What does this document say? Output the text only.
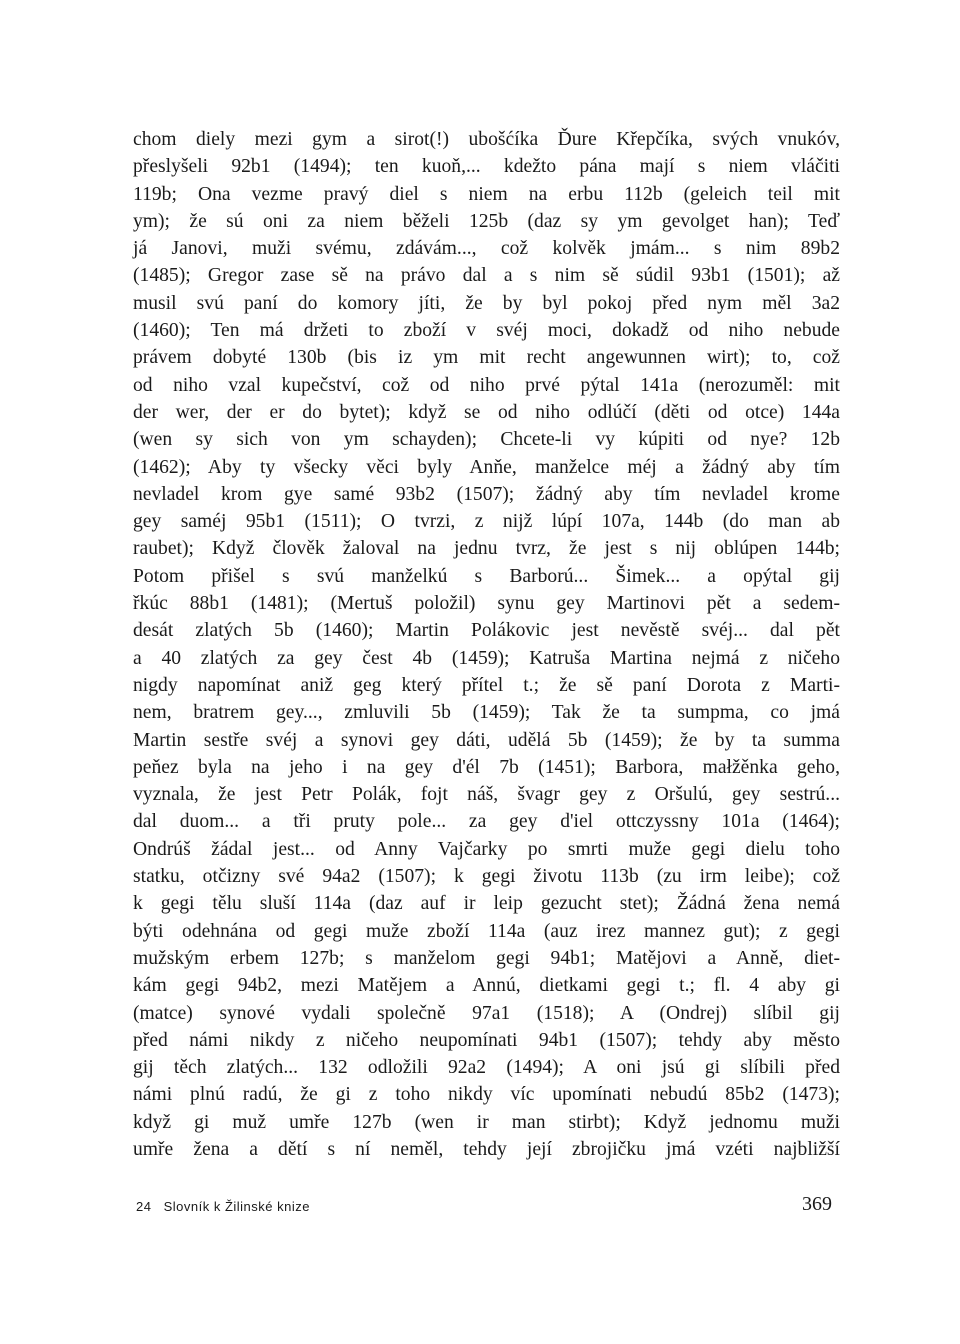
chom diely mezi gym a sirot(!) ubošćíka Ďure Křepčíka, svých vnukóv,
přeslyšeli 92b1 (1494); ten kuoň,... kdežto pána mají s niem vláčiti
119b; Ona vezme pravý diel s niem na erbu 112b (geleich teil mit
ym); že sú oni za niem běželi 125b (daz sy ym gevolget han); Teď
já Janovi, muži svému, zdávám..., což kolvěk jmám... s nim 89b2
(1485); Gregor zase sě na právo dal a s nim sě súdil 93b1 (1501); až
musil svú paní do komory jíti, že by byl pokoj před nym měl 3a2
(1460); Ten má držeti to zboží v svéj moci, dokadž od niho nebude
právem dobyté 130b (bis iz ym mit recht angewunnen wirt); to, což
od niho vzal kupečství, což od niho prvé pýtal 141a (nerozuměl: mit
der wer, der er do bytet); když se od niho odlúčí (děti od otce) 144a
(wen sy sich von ym schayden); Chcete-li vy kúpiti od nye? 12b
(1462); Aby ty všecky věci byly Anňe, manželce méj a žádný aby tím
nevladel krom gye samé 93b2 (1507); žádný aby tím nevladel krome
gey saméj 95b1 (1511); O tvrzi, z nijž lúpí 107a, 144b (do man ab
raubet); Když člověk žaloval na jednu tvrz, že jest s nij oblúpen 144b;
Potom přišel s svú manželkú s Barború... Šimek... a opýtal gij
řkúc 88b1 (1481); (Mertuš položil) synu gey Martinovi pět a sedem-
desát zlatých 5b (1460); Martin Polákovic jest nevěstě svéj... dal pět
a 40 zlatých za gey čest 4b (1459); Katruša Martina nejmá z ničeho
nigdy napomínat aniž geg který přítel t.; že sě paní Dorota z Marti-
nem, bratrem gey..., zmluvili 5b (1459); Tak že ta sumpma, co jmá
Martin sestře svéj a synovi gey dáti, udělá 5b (1459); že by ta summa
peňez byla na jeho i na gey d'él 7b (1451); Barbora, małžěnka geho,
vyznala, že jest Petr Polák, fojt náš, švagr gey z Oršulú, gey sestrú...
dal duom... a tři pruty pole... za gey d'iel ottczyssny 101a (1464);
Ondrúš žádal jest... od Anny Vajčarky po smrti muže gegi dielu toho
statku, otčizny své 94a2 (1507); k gegi životu 113b (zu irm leibe); což
k gegi tělu sluší 114a (daz auf ir leip gezucht stet); Žádná žena nemá
býti odehnána od gegi muže zboží 114a (auz irez mannez gut); z gegi
mužským erbem 127b; s manželom gegi 94b1; Matějovi a Anně, diet-
kám gegi 94b2, mezi Matějem a Annú, dietkami gegi t.; fl. 4 aby gi
(matce) synové vydali společně 97a1 (1518); A (Ondrej) slíbil gij
před námi nikdy z ničeho neupomínati 94b1 (1507); tehdy aby město
gij těch zlatých... 132 odložili 92a2 (1494); A oni jsú gi slíbili před
námi plnú radú, že gi z toho nikdy víc upomínati nebudú 85b2 (1473);
když gi muž umře 127b (wen ir man stirbt); Když jednomu muži
umře žena a dětí s ní neměl, tehdy její zbrojičku jmá vzéti najbližší
24 Slovník k Žilinské knize	369
